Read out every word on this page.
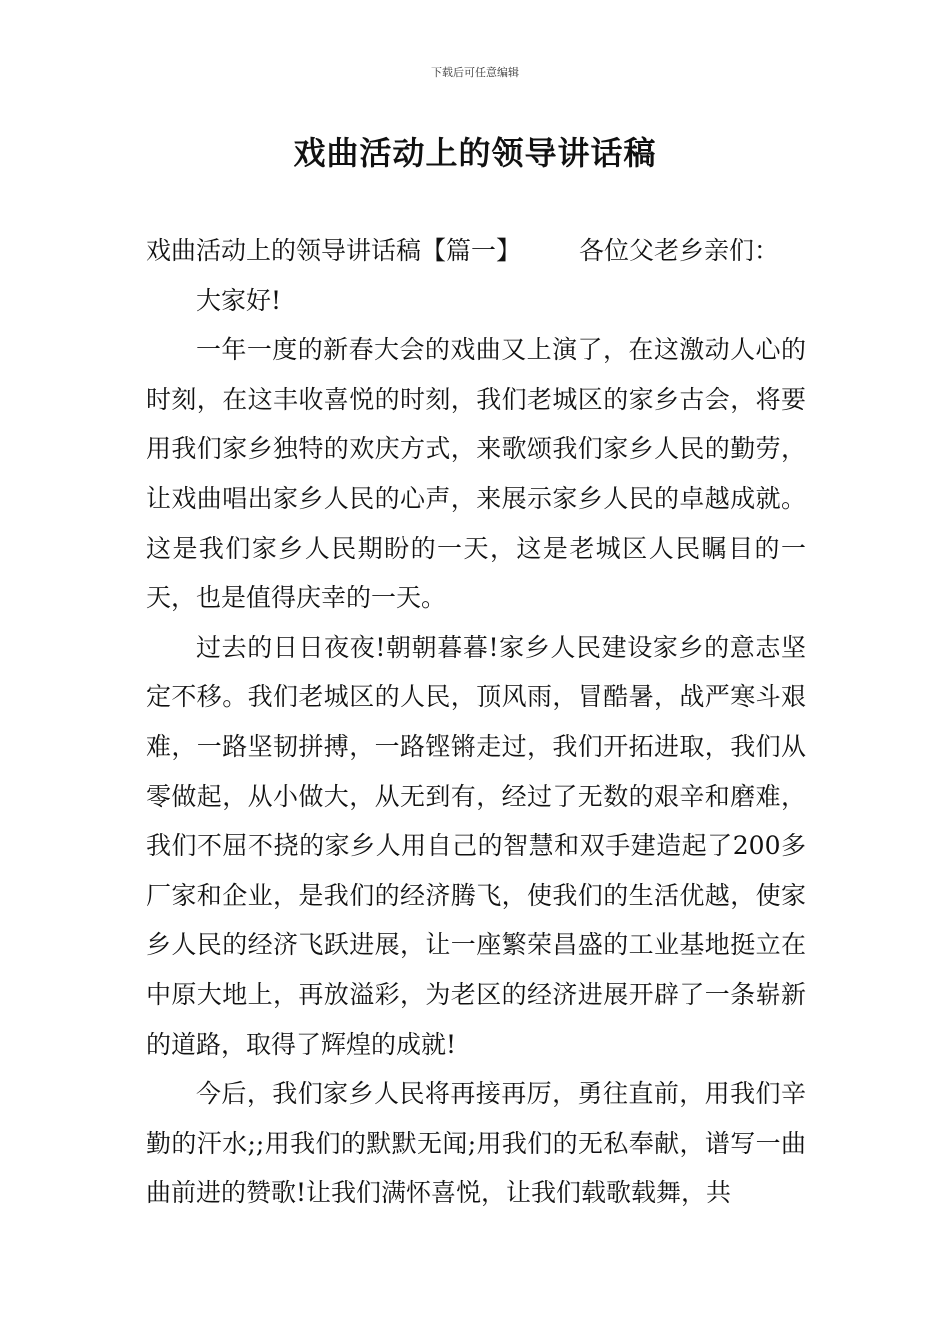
下载后可任意编辑
戏曲活动上的领导讲话稿

戏曲活动上的领导讲话稿【篇一】 各位父老乡亲们：

大家好!

一年一度的新春大会的戏曲又上演了，在这激动人心的时刻，在这丰收喜悦的时刻，我们老城区的家乡古会，将要用我们家乡独特的欢庆方式，来歌颂我们家乡人民的勤劳，让戏曲唱出家乡人民的心声，来展示家乡人民的卓越成就。这是我们家乡人民期盼的一天，这是老城区人民瞩目的一天，也是值得庆幸的一天。

过去的日日夜夜!朝朝暮暮!家乡人民建设家乡的意志坚定不移。我们老城区的人民，顶风雨，冒酷暑，战严寒斗艰难，一路坚韧拼搏，一路铿锵走过，我们开拓进取，我们从零做起，从小做大，从无到有，经过了无数的艰辛和磨难，我们不屈不挠的家乡人用自己的智慧和双手建造起了200多厂家和企业，是我们的经济腾飞，使我们的生活优越，使家乡人民的经济飞跃进展，让一座繁荣昌盛的工业基地挺立在中原大地上，再放溢彩，为老区的经济进展开辟了一条崭新的道路，取得了辉煌的成就!

今后，我们家乡人民将再接再厉，勇往直前，用我们辛勤的汗水;;用我们的默默无闻;用我们的无私奉献，谱写一曲曲前进的赞歌!让我们满怀喜悦，让我们载歌载舞，共
